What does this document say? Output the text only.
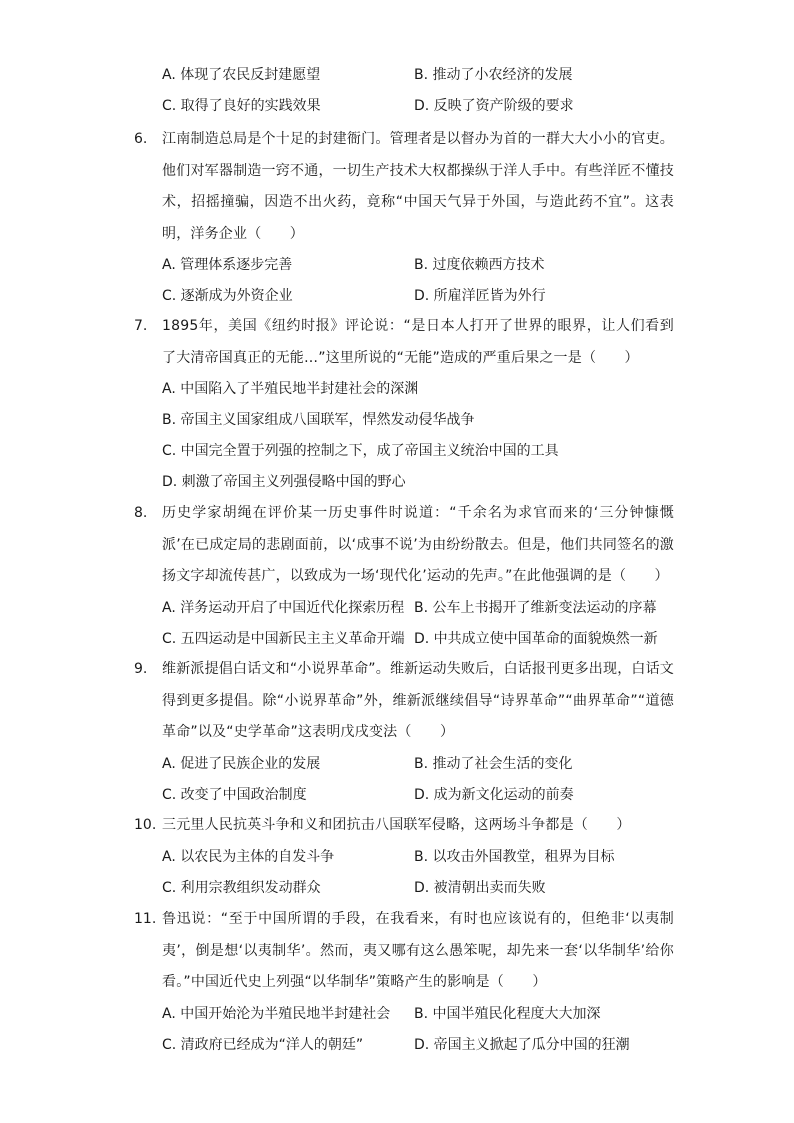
A. 体现了农民反封建愿望	B. 推动了小农经济的发展
C. 取得了良好的实践效果	D. 反映了资产阶级的要求
6.	江南制造总局是个十足的封建衙门。管理者是以督办为首的一群大大小小的官吏。他们对军器制造一窍不通，一切生产技术大权都操纵于洋人手中。有些洋匠不懂技术，招摇撞骗，因造不出火药，竟称“中国天气异于外国，与造此药不宜”。这表明，洋务企业（　　）
A. 管理体系逐步完善	B. 过度依赖西方技术
C. 逐渐成为外资企业	D. 所雇洋匠皆为外行
7.	1895年，美国《纽约时报》评论说：“是日本人打开了世界的眼界，让人们看到了大清帝国真正的无能…”这里所说的“无能”造成的严重后果之一是（　　）
A. 中国陷入了半殖民地半封建社会的深渊
B. 帝国主义国家组成八国联军，悍然发动侵华战争
C. 中国完全置于列强的控制之下，成了帝国主义统治中国的工具
D. 刺激了帝国主义列强侵略中国的野心
8.	历史学家胡绳在评价某一历史事件时说道：“千余名为求官而来的‘三分钟慷慨派’在已成定局的悲剧面前，以‘成事不说’为由纷纷散去。但是，他们共同签名的激扬文字却流传甚广，以致成为一场‘现代化’运动的先声。”在此他强调的是（　　）
A. 洋务运动开启了中国近代化探索历程 B. 公车上书揭开了维新变法运动的序幕
C. 五四运动是中国新民主主义革命开端 D. 中共成立使中国革命的面貌焕然一新
9.	维新派提倡白话文和“小说界革命”。维新运动失败后，白话报刊更多出现，白话文得到更多提倡。除“小说界革命”外，维新派继续倡导“诗界革命”“曲界革命”“道德革命”以及“史学革命”这表明戊戌变法（　　）
A. 促进了民族企业的发展	B. 推动了社会生活的变化
C. 改变了中国政治制度	D. 成为新文化运动的前奏
10. 三元里人民抗英斗争和义和团抗击八国联军侵略，这两场斗争都是（　　）
A. 以农民为主体的自发斗争	B. 以攻击外国教堂，租界为目标
C. 利用宗教组织发动群众	D. 被清朝出卖而失败
11. 鲁迅说：“至于中国所谓的手段，在我看来，有时也应该说有的，但绝非‘以夷制夷’，倒是想‘以夷制华’。然而，夷又哪有这么愚笨呢，却先来一套‘以华制华’给你看。”中国近代史上列强“以华制华”策略产生的影响是（　　）
A. 中国开始沦为半殖民地半封建社会 B. 中国半殖民化程度大大加深
C. 清政府已经成为“洋人的朝廷”	D. 帝国主义掀起了瓜分中国的狂潮
